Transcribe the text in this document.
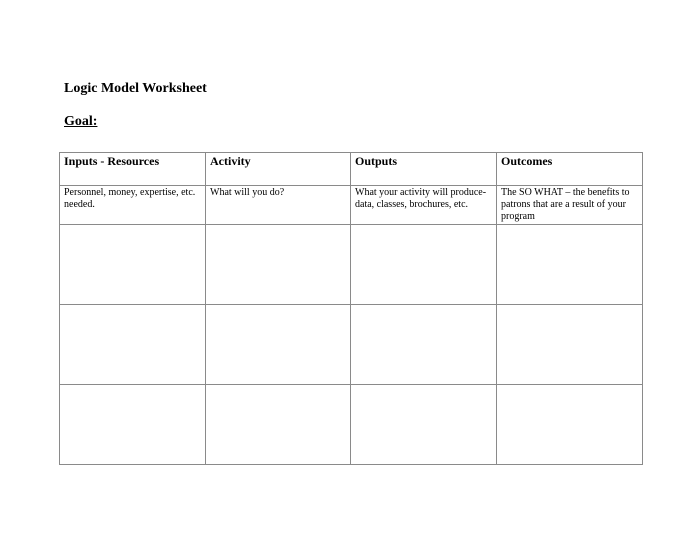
Logic Model Worksheet
Goal:
Inputs - Resources	Activity	Outputs	Outcomes
Personnel, money, expertise, etc. needed.	What will you do?	What your activity will produce- data, classes, brochures, etc.	The SO WHAT – the benefits to patrons that are a result of your program
